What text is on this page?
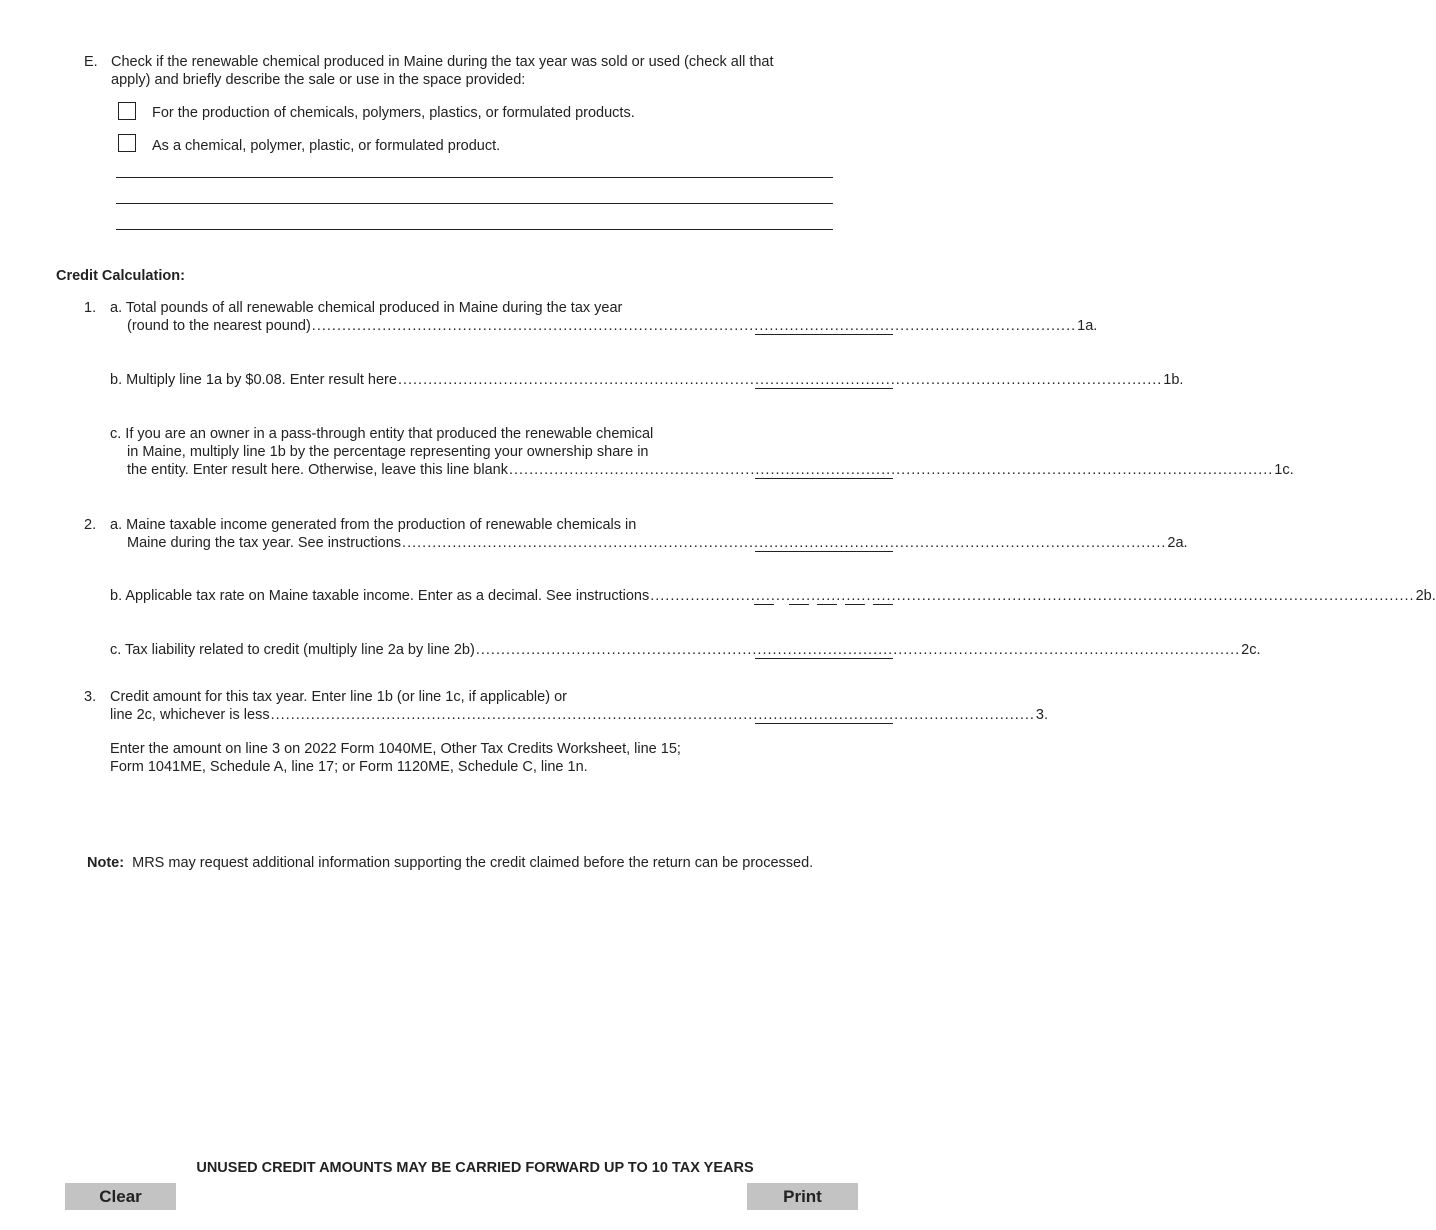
E. Check if the renewable chemical produced in Maine during the tax year was sold or used (check all that
apply) and briefly describe the sale or use in the space provided:
For the production of chemicals, polymers, plastics, or formulated products.
As a chemical, polymer, plastic, or formulated product.
Credit Calculation:
1. a. Total pounds of all renewable chemical produced in Maine during the tax year
(round to the nearest pound) ........................................................................................................................................................ 1a.
b. Multiply line 1a by $0.08. Enter result here ........................................................................................................................................................ 1b.
c. If you are an owner in a pass-through entity that produced the renewable chemical
in Maine, multiply line 1b by the percentage representing your ownership share in
the entity. Enter result here. Otherwise, leave this line blank ........................................................................................................................................................ 1c.
2. a. Maine taxable income generated from the production of renewable chemicals in
Maine during the tax year. See instructions ........................................................................................................................................................ 2a.
b. Applicable tax rate on Maine taxable income. Enter as a decimal. See instructions ........................................................................................................................................................ 2b.
c. Tax liability related to credit (multiply line 2a by line 2b) ........................................................................................................................................................ 2c.
3. Credit amount for this tax year. Enter line 1b (or line 1c, if applicable) or
line 2c, whichever is less ........................................................................................................................................................ 3.
Enter the amount on line 3 on 2022 Form 1040ME, Other Tax Credits Worksheet, line 15;
Form 1041ME, Schedule A, line 17; or Form 1120ME, Schedule C, line 1n.
Note: MRS may request additional information supporting the credit claimed before the return can be processed.
UNUSED CREDIT AMOUNTS MAY BE CARRIED FORWARD UP TO 10 TAX YEARS
Clear	Print
